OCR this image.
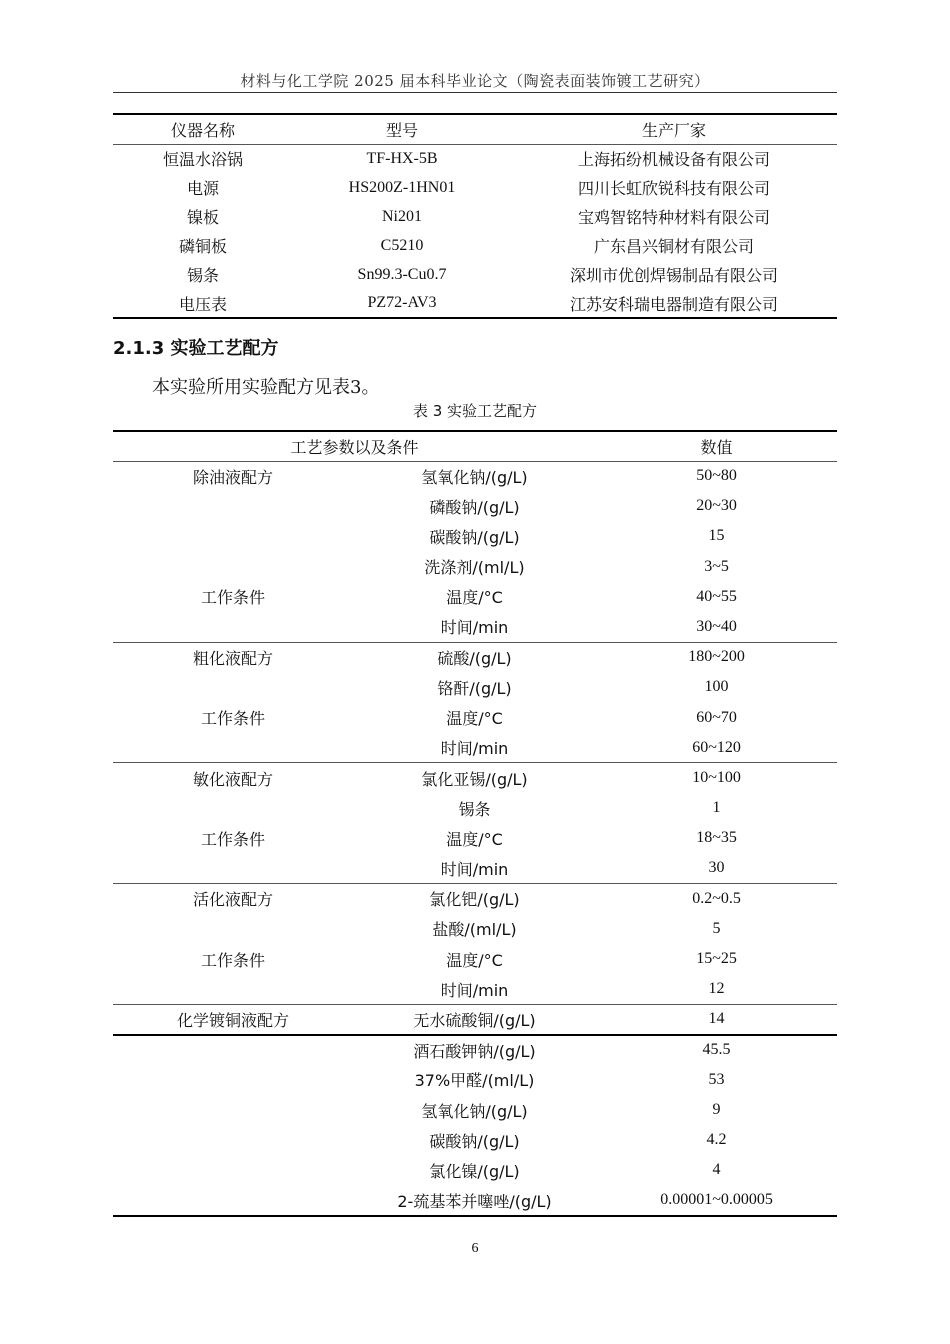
材料与化工学院 2025 届本科毕业论文（陶瓷表面装饰镀工艺研究）
仪器名称	型号	生产厂家
恒温水浴锅	TF-HX-5B	上海拓纷机械设备有限公司
电源	HS200Z-1HN01	四川长虹欣锐科技有限公司
镍板	Ni201	宝鸡智铭特种材料有限公司
磷铜板	C5210	广东昌兴铜材有限公司
锡条	Sn99.3-Cu0.7	深圳市优创焊锡制品有限公司
电压表	PZ72-AV3	江苏安科瑞电器制造有限公司
2.1.3 实验工艺配方
本实验所用实验配方见表3。
表 3 实验工艺配方
工艺参数以及条件		数值
除油液配方	氢氧化钠/(g/L)	50~80
	磷酸钠/(g/L)	20~30
	碳酸钠/(g/L)	15
	洗涤剂/(ml/L)	3~5
工作条件	温度/°C	40~55
	时间/min	30~40
粗化液配方	硫酸/(g/L)	180~200
	铬酐/(g/L)	100
工作条件	温度/°C	60~70
	时间/min	60~120
敏化液配方	氯化亚锡/(g/L)	10~100
	锡条	1
工作条件	温度/°C	18~35
	时间/min	30
活化液配方	氯化钯/(g/L)	0.2~0.5
	盐酸/(ml/L)	5
工作条件	温度/°C	15~25
	时间/min	12
化学镀铜液配方	无水硫酸铜/(g/L)	14
	酒石酸钾钠/(g/L)	45.5
	37%甲醛/(ml/L)	53
	氢氧化钠/(g/L)	9
	碳酸钠/(g/L)	4.2
	氯化镍/(g/L)	4
	2-巯基苯并噻唑/(g/L)	0.00001~0.00005
6
